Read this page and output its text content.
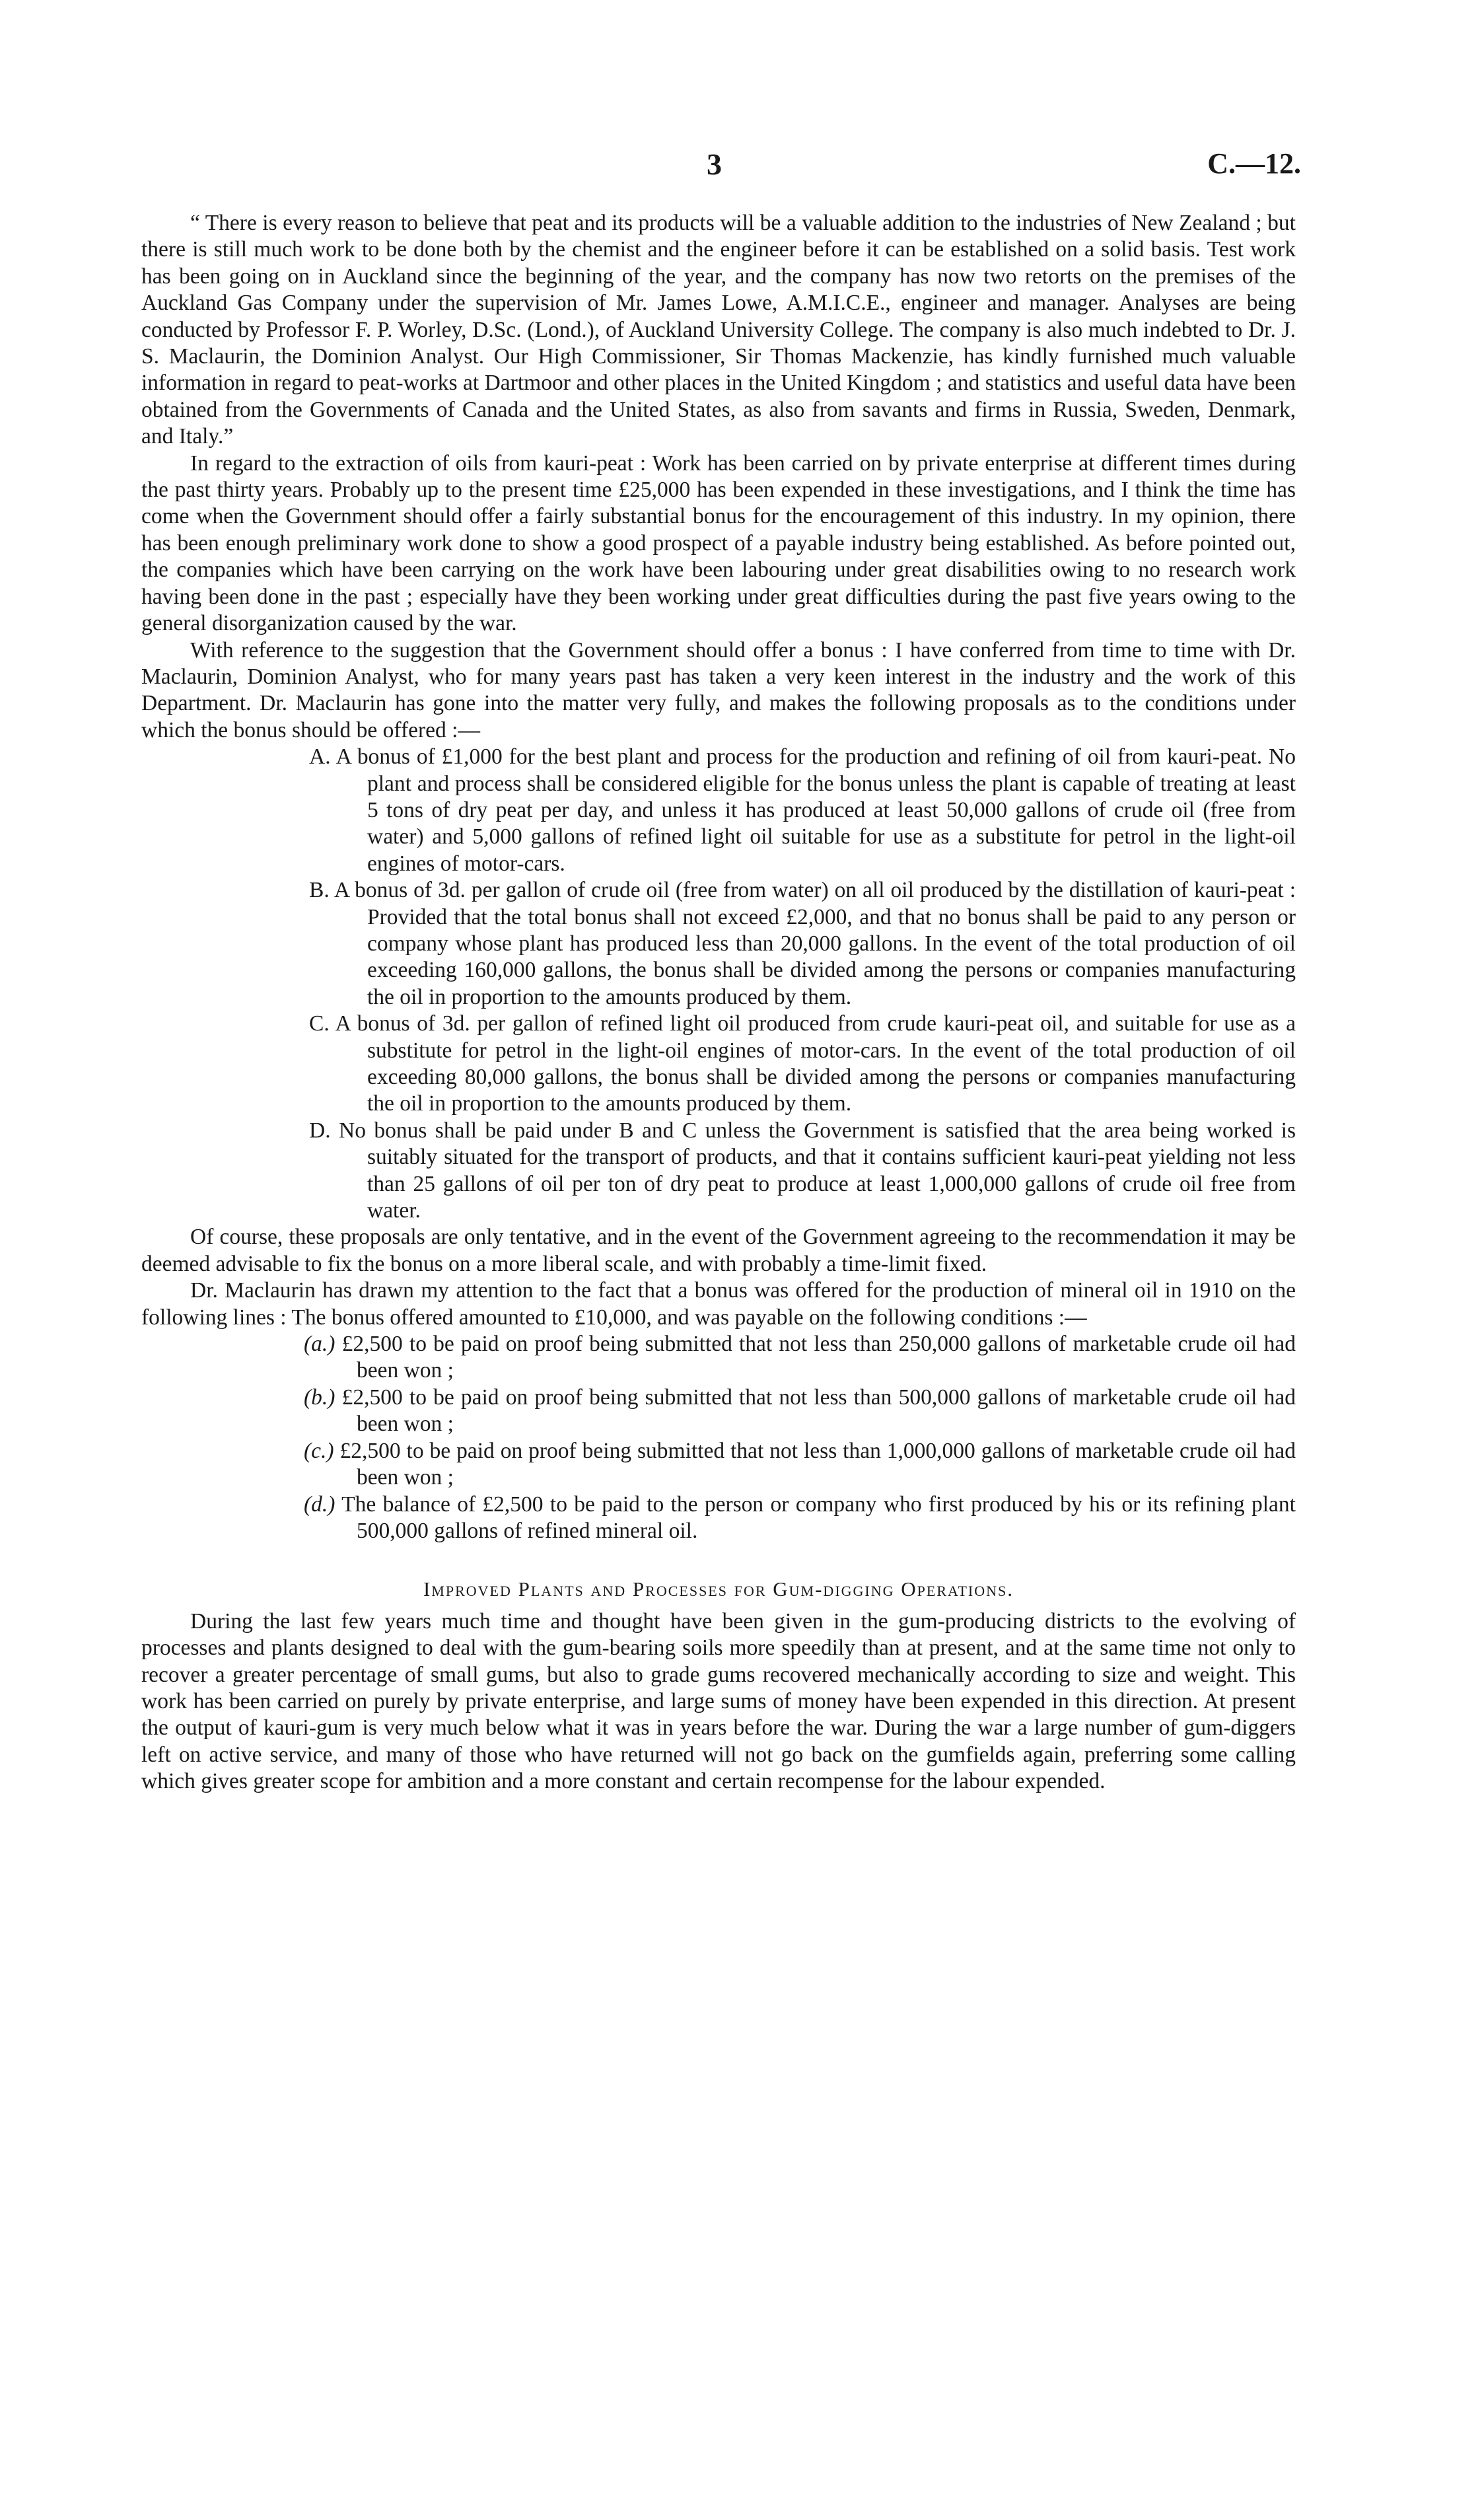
3	C.—12.

“ There is every reason to believe that peat and its products will be a valuable addition to the industries of New Zealand ; but there is still much work to be done both by the chemist and the engineer before it can be established on a solid basis. Test work has been going on in Auckland since the beginning of the year, and the company has now two retorts on the premises of the Auckland Gas Company under the supervision of Mr. James Lowe, A.M.I.C.E., engineer and manager. Analyses are being conducted by Professor F. P. Worley, D.Sc. (Lond.), of Auckland University College. The company is also much indebted to Dr. J. S. Maclaurin, the Dominion Analyst. Our High Commissioner, Sir Thomas Mackenzie, has kindly furnished much valuable information in regard to peat-works at Dartmoor and other places in the United Kingdom ; and statistics and useful data have been obtained from the Governments of Canada and the United States, as also from savants and firms in Russia, Sweden, Denmark, and Italy.”

In regard to the extraction of oils from kauri-peat : Work has been carried on by private enterprise at different times during the past thirty years. Probably up to the present time £25,000 has been expended in these investigations, and I think the time has come when the Government should offer a fairly substantial bonus for the encouragement of this industry. In my opinion, there has been enough preliminary work done to show a good prospect of a payable industry being established. As before pointed out, the companies which have been carrying on the work have been labouring under great disabilities owing to no research work having been done in the past ; especially have they been working under great difficulties during the past five years owing to the general disorganization caused by the war.

With reference to the suggestion that the Government should offer a bonus : I have conferred from time to time with Dr. Maclaurin, Dominion Analyst, who for many years past has taken a very keen interest in the industry and the work of this Department. Dr. Maclaurin has gone into the matter very fully, and makes the following proposals as to the conditions under which the bonus should be offered :—

A. A bonus of £1,000 for the best plant and process for the production and refining of oil from kauri-peat. No plant and process shall be considered eligible for the bonus unless the plant is capable of treating at least 5 tons of dry peat per day, and unless it has produced at least 50,000 gallons of crude oil (free from water) and 5,000 gallons of refined light oil suitable for use as a substitute for petrol in the light-oil engines of motor-cars.

B. A bonus of 3d. per gallon of crude oil (free from water) on all oil produced by the distillation of kauri-peat : Provided that the total bonus shall not exceed £2,000, and that no bonus shall be paid to any person or company whose plant has produced less than 20,000 gallons. In the event of the total production of oil exceeding 160,000 gallons, the bonus shall be divided among the persons or companies manufacturing the oil in proportion to the amounts produced by them.

C. A bonus of 3d. per gallon of refined light oil produced from crude kauri-peat oil, and suitable for use as a substitute for petrol in the light-oil engines of motor-cars. In the event of the total production of oil exceeding 80,000 gallons, the bonus shall be divided among the persons or companies manufacturing the oil in proportion to the amounts produced by them.

D. No bonus shall be paid under B and C unless the Government is satisfied that the area being worked is suitably situated for the transport of products, and that it contains sufficient kauri-peat yielding not less than 25 gallons of oil per ton of dry peat to produce at least 1,000,000 gallons of crude oil free from water.

Of course, these proposals are only tentative, and in the event of the Government agreeing to the recommendation it may be deemed advisable to fix the bonus on a more liberal scale, and with probably a time-limit fixed.

Dr. Maclaurin has drawn my attention to the fact that a bonus was offered for the production of mineral oil in 1910 on the following lines : The bonus offered amounted to £10,000, and was payable on the following conditions :—

(a.) £2,500 to be paid on proof being submitted that not less than 250,000 gallons of marketable crude oil had been won ;

(b.) £2,500 to be paid on proof being submitted that not less than 500,000 gallons of marketable crude oil had been won ;

(c.) £2,500 to be paid on proof being submitted that not less than 1,000,000 gallons of marketable crude oil had been won ;

(d.) The balance of £2,500 to be paid to the person or company who first produced by his or its refining plant 500,000 gallons of refined mineral oil.

Improved Plants and Processes for Gum-digging Operations.

During the last few years much time and thought have been given in the gum-producing districts to the evolving of processes and plants designed to deal with the gum-bearing soils more speedily than at present, and at the same time not only to recover a greater percentage of small gums, but also to grade gums recovered mechanically according to size and weight. This work has been carried on purely by private enterprise, and large sums of money have been expended in this direction. At present the output of kauri-gum is very much below what it was in years before the war. During the war a large number of gum-diggers left on active service, and many of those who have returned will not go back on the gumfields again, preferring some calling which gives greater scope for ambition and a more constant and certain recompense for the labour expended.
